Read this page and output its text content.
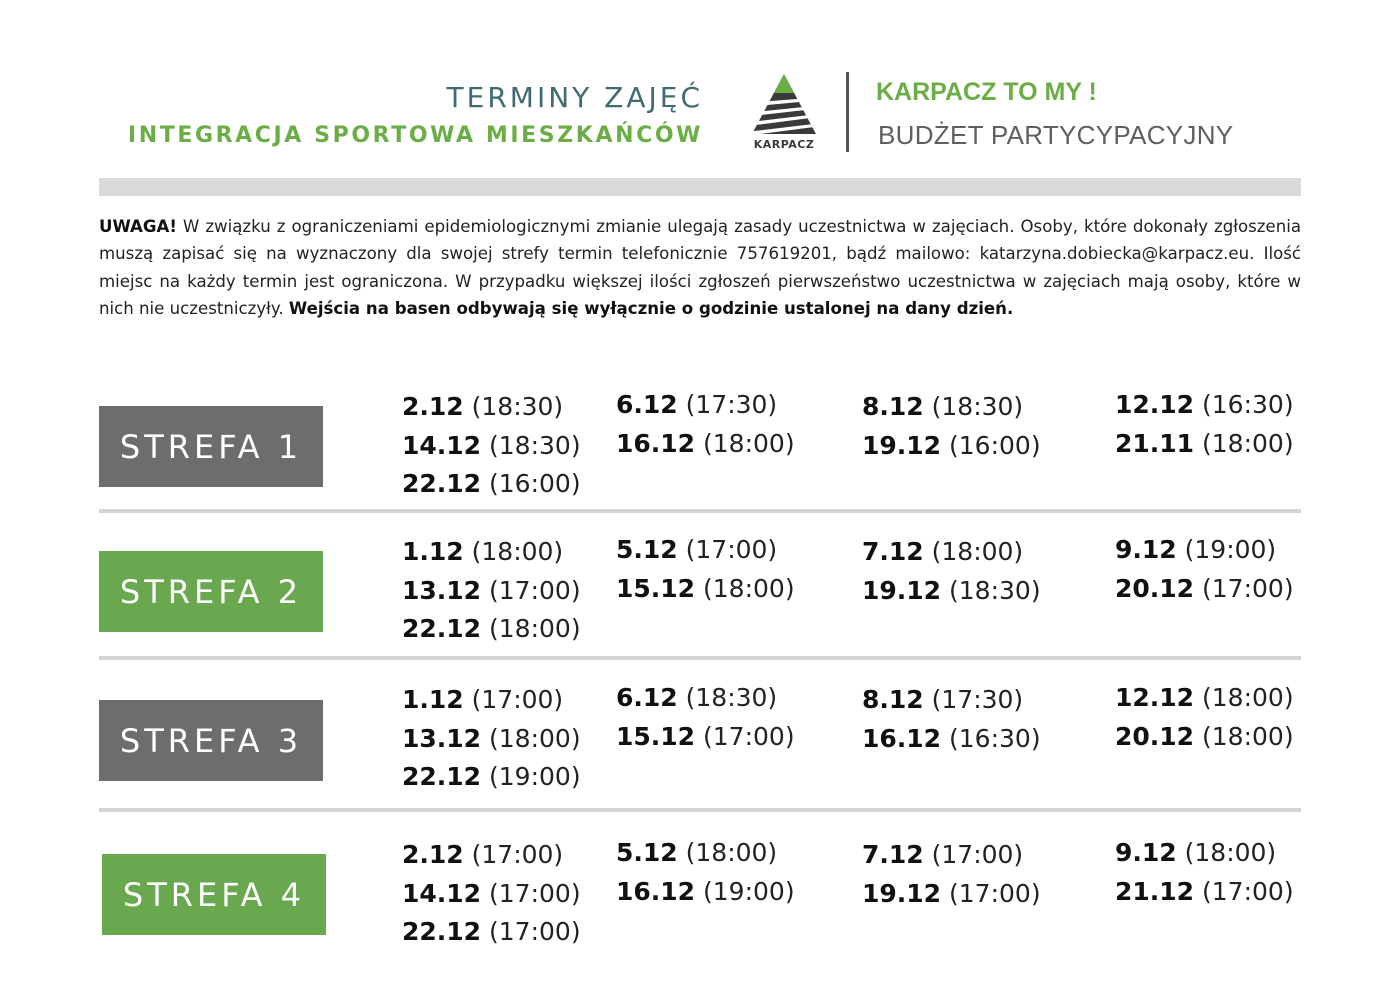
TERMINY ZAJĘĆ
INTEGRACJA SPORTOWA MIESZKAŃCÓW	KARPACZ
KARPACZ TO MY !
BUDŻET PARTYCYPACYJNY
UWAGA! W związku z ograniczeniami epidemiologicznymi zmianie ulegają zasady uczestnictwa w zajęciach. Osoby, które dokonały zgłoszenia muszą zapisać się na wyznaczony dla swojej strefy termin telefonicznie 757619201, bądź mailowo: katarzyna.dobiecka@karpacz.eu. Ilość miejsc na każdy termin jest ograniczona. W przypadku większej ilości zgłoszeń pierwszeństwo uczestnictwa w zajęciach mają osoby, które w nich nie uczestniczyły. Wejścia na basen odbywają się wyłącznie o godzinie ustalonej na dany dzień.
STREFA 1
2.12 (18:30)
14.12 (18:30)
22.12 (16:00)
6.12 (17:30)
16.12 (18:00)
8.12 (18:30)
19.12 (16:00)
12.12 (16:30)
21.11 (18:00)
STREFA 2
1.12 (18:00)
13.12 (17:00)
22.12 (18:00)
5.12 (17:00)
15.12 (18:00)
7.12 (18:00)
19.12 (18:30)
9.12 (19:00)
20.12 (17:00)
STREFA 3
1.12 (17:00)
13.12 (18:00)
22.12 (19:00)
6.12 (18:30)
15.12 (17:00)
8.12 (17:30)
16.12 (16:30)
12.12 (18:00)
20.12 (18:00)
STREFA 4
2.12 (17:00)
14.12 (17:00)
22.12 (17:00)
5.12 (18:00)
16.12 (19:00)
7.12 (17:00)
19.12 (17:00)
9.12 (18:00)
21.12 (17:00)
